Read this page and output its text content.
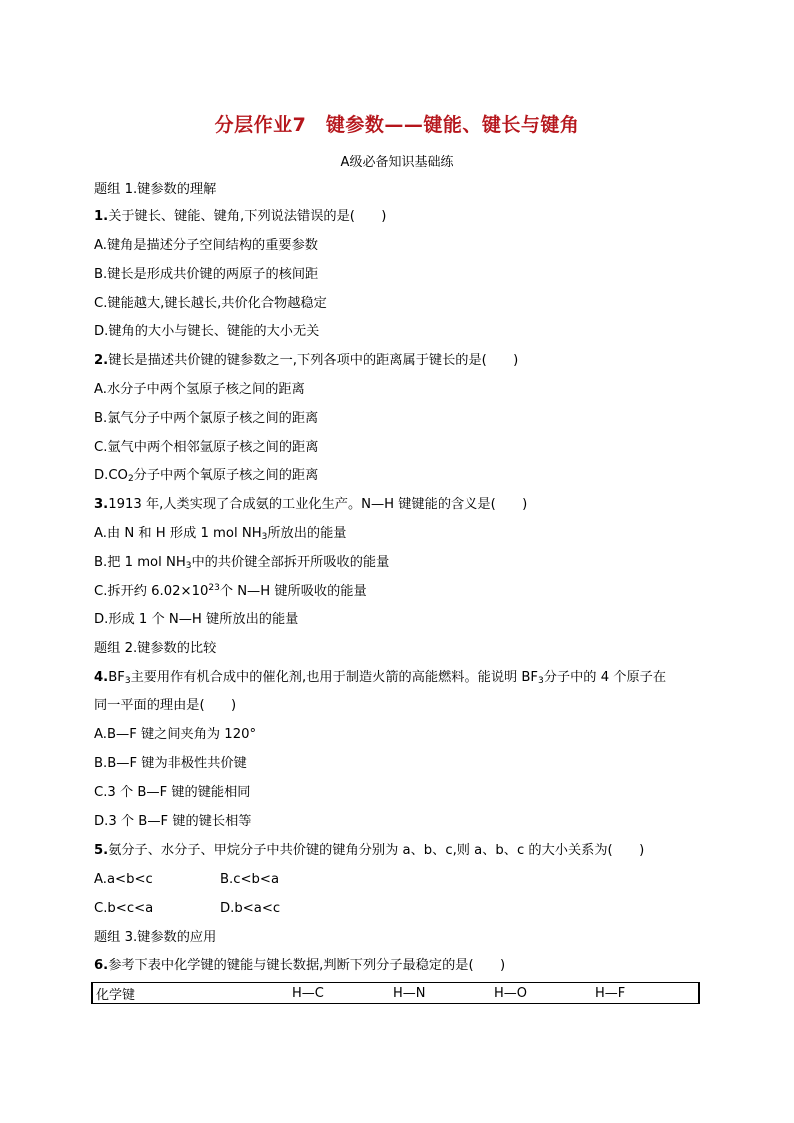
分层作业7　键参数——键能、键长与键角
A级必备知识基础练
题组 1.键参数的理解
1.关于键长、键能、键角,下列说法错误的是(　　)
A.键角是描述分子空间结构的重要参数
B.键长是形成共价键的两原子的核间距
C.键能越大,键长越长,共价化合物越稳定
D.键角的大小与键长、键能的大小无关
2.键长是描述共价键的键参数之一,下列各项中的距离属于键长的是(　　)
A.水分子中两个氢原子核之间的距离
B.氯气分子中两个氯原子核之间的距离
C.氩气中两个相邻氩原子核之间的距离
$D.CO_2$分子中两个氧原子核之间的距离
3.1913 年,人类实现了合成氨的工业化生产。N—H 键键能的含义是(　　)
A.由 N 和 H 形成 1 mol $NH_3$所放出的能量
B.把 1 mol $NH_3$中的共价键全部拆开所吸收的能量
C.拆开约 $6.02\times 10^{23}$个 N—H 键所吸收的能量
D.形成 1 个 N—H 键所放出的能量
题组 2.键参数的比较
$4.BF_3$主要用作有机合成中的催化剂,也用于制造火箭的高能燃料。能说明 $BF_3$分子中的 4 个原子在
同一平面的理由是(　　)
A.B—F 键之间夹角为 120°
B.B—F 键为非极性共价键
C.3 个 B—F 键的键能相同
D.3 个 B—F 键的键长相等
5.氨分子、水分子、甲烷分子中共价键的键角分别为 a、b、c,则 a、b、c 的大小关系为(　　)
A.a<b<c	B.c<b<a
C.b<c<a	D.b<a<c
题组 3.键参数的应用
6.参考下表中化学键的键能与键长数据,判断下列分子最稳定的是(　　)
化学键	H—C	H—N	H—O	H—F
